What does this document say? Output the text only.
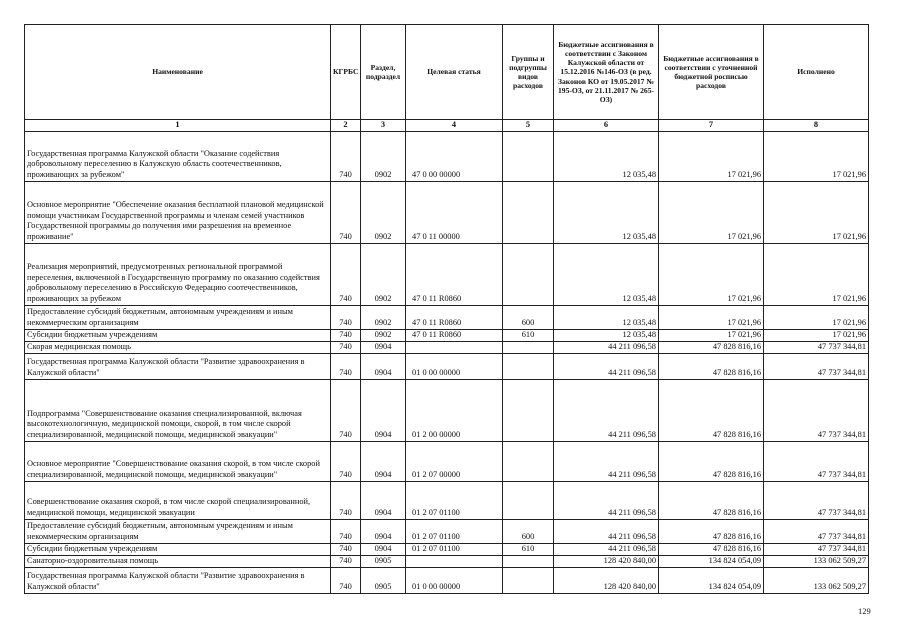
Наименование	КГРБС	Раздел, подраздел	Целевая статья	Группы и подгруппы видов расходов	Бюджетные ассигнования в соответствии с Законом Калужской области от 15.12.2016 №146-ОЗ (в ред. Законов КО от 19.05.2017 № 195-ОЗ, от 21.11.2017 № 265-ОЗ)	Бюджетные ассигнования в соответствии с уточненной бюджетной росписью расходов	Исполнено
1	2	3	4	5	6	7	8
Государственная программа Калужской области "Оказание содействия добровольному переселению в Калужскую область соотечественников, проживающих за рубежом"	740	0902	47 0 00 00000		12 035,48	17 021,96	17 021,96
Основное мероприятие "Обеспечение оказания бесплатной плановой медицинской помощи участникам Государственной программы и членам семей участников Государственной программы до получения ими разрешения на временное проживание"	740	0902	47 0 11 00000		12 035,48	17 021,96	17 021,96
Реализация мероприятий, предусмотренных региональной программой переселения, включенной в Государственную программу по оказанию содействия добровольному переселению в Российскую Федерацию соотечественников, проживающих за рубежом	740	0902	47 0 11 R0860		12 035,48	17 021,96	17 021,96
Предоставление субсидий бюджетным, автономным учреждениям и иным некоммерческим организациям	740	0902	47 0 11 R0860	600	12 035,48	17 021,96	17 021,96
Субсидии бюджетным учреждениям	740	0902	47 0 11 R0860	610	12 035,48	17 021,96	17 021,96
Скорая медицинская помощь	740	0904			44 211 096,58	47 828 816,16	47 737 344,81
Государственная программа Калужской области "Развитие здравоохранения в Калужской области"	740	0904	01 0 00 00000		44 211 096,58	47 828 816,16	47 737 344,81
Подпрограмма "Совершенствование оказания специализированной, включая высокотехнологичную, медицинской помощи, скорой, в том числе скорой специализированной, медицинской помощи, медицинской эвакуации"	740	0904	01 2 00 00000		44 211 096,58	47 828 816,16	47 737 344,81
Основное мероприятие "Совершенствование оказания скорой, в том числе скорой специализированной, медицинской помощи, медицинской эвакуации"	740	0904	01 2 07 00000		44 211 096,58	47 828 816,16	47 737 344,81
Совершенствование оказания скорой, в том числе скорой специализированной, медицинской помощи, медицинской эвакуации	740	0904	01 2 07 01100		44 211 096,58	47 828 816,16	47 737 344,81
Предоставление субсидий бюджетным, автономным учреждениям и иным некоммерческим организациям	740	0904	01 2 07 01100	600	44 211 096,58	47 828 816,16	47 737 344,81
Субсидии бюджетным учреждениям	740	0904	01 2 07 01100	610	44 211 096,58	47 828 816,16	47 737 344,81
Санаторно-оздоровительная помощь	740	0905			128 420 840,00	134 824 054,09	133 062 509,27
Государственная программа Калужской области "Развитие здравоохранения в Калужской области"	740	0905	01 0 00 00000		128 420 840,00	134 824 054,09	133 062 509,27
129
